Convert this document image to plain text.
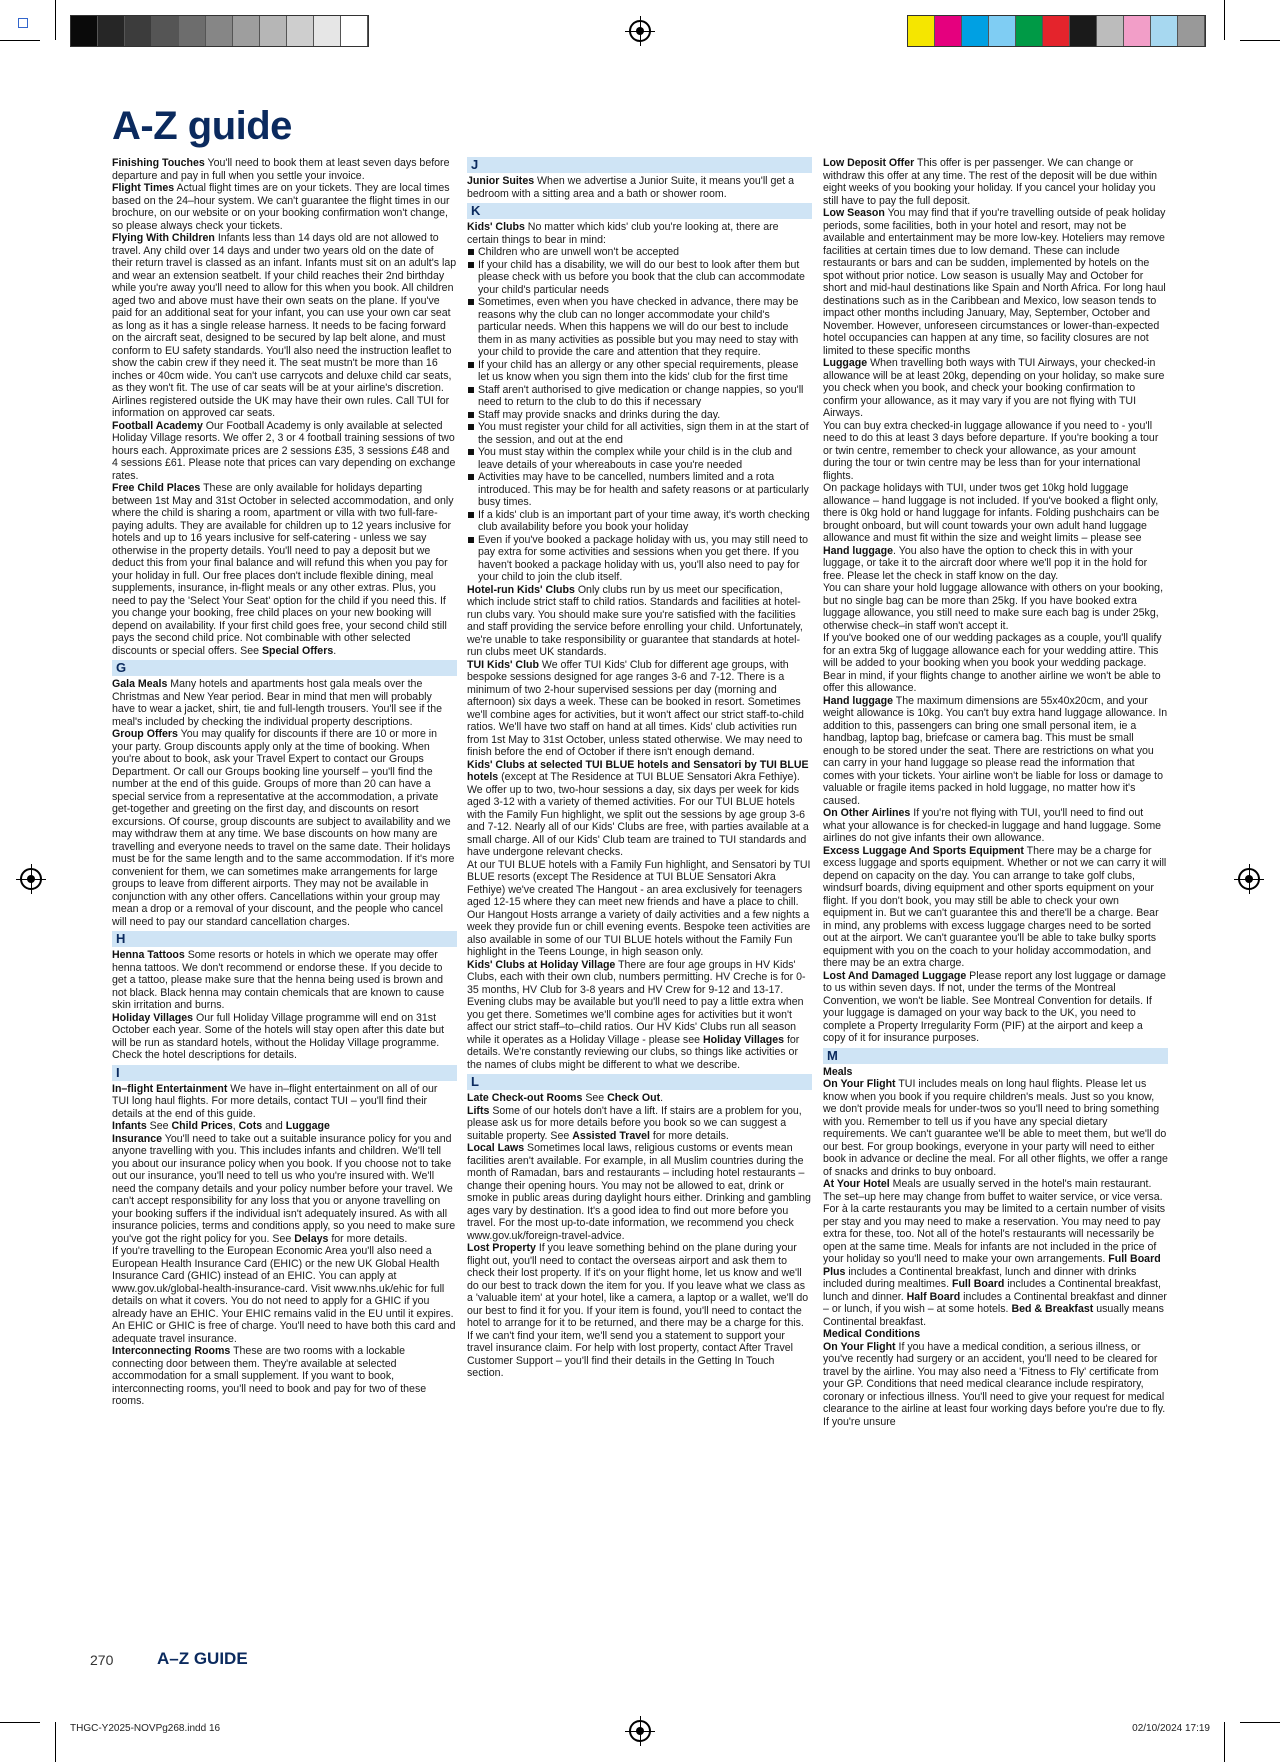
A-Z guide

Finishing Touches You'll need to book them at least seven days before departure and pay in full when you settle your invoice.

Flight Times Actual flight times are on your tickets. They are local times based on the 24–hour system. We can't guarantee the flight times in our brochure, on our website or on your booking confirmation won't change, so please always check your tickets.

Flying With Children Infants less than 14 days old are not allowed to travel. Any child over 14 days and under two years old on the date of their return travel is classed as an infant. Infants must sit on an adult's lap and wear an extension seatbelt. If your child reaches their 2nd birthday while you're away you'll need to allow for this when you book. All children aged two and above must have their own seats on the plane. If you've paid for an additional seat for your infant, you can use your own car seat as long as it has a single release harness. It needs to be facing forward on the aircraft seat, designed to be secured by lap belt alone, and must conform to EU safety standards. You'll also need the instruction leaflet to show the cabin crew if they need it. The seat mustn't be more than 16 inches or 40cm wide. You can't use carrycots and deluxe child car seats, as they won't fit. The use of car seats will be at your airline's discretion. Airlines registered outside the UK may have their own rules. Call TUI for information on approved car seats.

Football Academy Our Football Academy is only available at selected Holiday Village resorts. We offer 2, 3 or 4 football training sessions of two hours each. Approximate prices are 2 sessions £35, 3 sessions £48 and 4 sessions £61. Please note that prices can vary depending on exchange rates.

Free Child Places These are only available for holidays departing between 1st May and 31st October in selected accommodation, and only where the child is sharing a room, apartment or villa with two full-fare-paying adults. They are available for children up to 12 years inclusive for hotels and up to 16 years inclusive for self-catering - unless we say otherwise in the property details. You'll need to pay a deposit but we deduct this from your final balance and will refund this when you pay for your holiday in full. Our free places don't include flexible dining, meal supplements, insurance, in-flight meals or any other extras. Plus, you need to pay the 'Select Your Seat' option for the child if you need this. If you change your booking, free child places on your new booking will depend on availability. If your first child goes free, your second child still pays the second child price. Not combinable with other selected discounts or special offers. See Special Offers.

G

Gala Meals Many hotels and apartments host gala meals over the Christmas and New Year period. Bear in mind that men will probably have to wear a jacket, shirt, tie and full-length trousers. You'll see if the meal's included by checking the individual property descriptions.

Group Offers You may qualify for discounts if there are 10 or more in your party. Group discounts apply only at the time of booking. When you're about to book, ask your Travel Expert to contact our Groups Department. Or call our Groups booking line yourself – you'll find the number at the end of this guide. Groups of more than 20 can have a special service from a representative at the accommodation, a private get-together and greeting on the first day, and discounts on resort excursions. Of course, group discounts are subject to availability and we may withdraw them at any time. We base discounts on how many are travelling and everyone needs to travel on the same date. Their holidays must be for the same length and to the same accommodation. If it's more convenient for them, we can sometimes make arrangements for large groups to leave from different airports. They may not be available in conjunction with any other offers. Cancellations within your group may mean a drop or a removal of your discount, and the people who cancel will need to pay our standard cancellation charges.

H

Henna Tattoos Some resorts or hotels in which we operate may offer henna tattoos. We don't recommend or endorse these. If you decide to get a tattoo, please make sure that the henna being used is brown and not black. Black henna may contain chemicals that are known to cause skin irritation and burns.

Holiday Villages Our full Holiday Village programme will end on 31st October each year. Some of the hotels will stay open after this date but will be run as standard hotels, without the Holiday Village programme. Check the hotel descriptions for details.

I

In–flight Entertainment We have in–flight entertainment on all of our TUI long haul flights. For more details, contact TUI – you'll find their details at the end of this guide.

Infants See Child Prices, Cots and Luggage

Insurance You'll need to take out a suitable insurance policy for you and anyone travelling with you. This includes infants and children. We'll tell you about our insurance policy when you book. If you choose not to take out our insurance, you'll need to tell us who you're insured with. We'll need the company details and your policy number before your travel. We can't accept responsibility for any loss that you or anyone travelling on your booking suffers if the individual isn't adequately insured. As with all insurance policies, terms and conditions apply, so you need to make sure you've got the right policy for you. See Delays for more details.

If you're travelling to the European Economic Area you'll also need a European Health Insurance Card (EHIC) or the new UK Global Health Insurance Card (GHIC) instead of an EHIC. You can apply at www.gov.uk/global-health-insurance-card. Visit www.nhs.uk/ehic for full details on what it covers. You do not need to apply for a GHIC if you already have an EHIC. Your EHIC remains valid in the EU until it expires. An EHIC or GHIC is free of charge. You'll need to have both this card and adequate travel insurance.

Interconnecting Rooms These are two rooms with a lockable connecting door between them. They're available at selected accommodation for a small supplement. If you want to book, interconnecting rooms, you'll need to book and pay for two of these rooms.

J

Junior Suites When we advertise a Junior Suite, it means you'll get a bedroom with a sitting area and a bath or shower room.

K

Kids' Clubs No matter which kids' club you're looking at, there are certain things to bear in mind:

Children who are unwell won't be accepted
If your child has a disability, we will do our best to look after them but please check with us before you book that the club can accommodate your child's particular needs
Sometimes, even when you have checked in advance, there may be reasons why the club can no longer accommodate your child's particular needs. When this happens we will do our best to include them in as many activities as possible but you may need to stay with your child to provide the care and attention that they require.
If your child has an allergy or any other special requirements, please let us know when you sign them into the kids' club for the first time
Staff aren't authorised to give medication or change nappies, so you'll need to return to the club to do this if necessary
Staff may provide snacks and drinks during the day.
You must register your child for all activities, sign them in at the start of the session, and out at the end
You must stay within the complex while your child is in the club and leave details of your whereabouts in case you're needed
Activities may have to be cancelled, numbers limited and a rota introduced. This may be for health and safety reasons or at particularly busy times.
If a kids' club is an important part of your time away, it's worth checking club availability before you book your holiday
Even if you've booked a package holiday with us, you may still need to pay extra for some activities and sessions when you get there. If you haven't booked a package holiday with us, you'll also need to pay for your child to join the club itself.

Hotel-run Kids' Clubs Only clubs run by us meet our specification, which include strict staff to child ratios. Standards and facilities at hotel-run clubs vary. You should make sure you're satisfied with the facilities and staff providing the service before enrolling your child. Unfortunately, we're unable to take responsibility or guarantee that standards at hotel-run clubs meet UK standards.

TUI Kids' Club We offer TUI Kids' Club for different age groups, with bespoke sessions designed for age ranges 3-6 and 7-12. There is a minimum of two 2-hour supervised sessions per day (morning and afternoon) six days a week. These can be booked in resort. Sometimes we'll combine ages for activities, but it won't affect our strict staff-to-child ratios. We'll have two staff on hand at all times. Kids' club activities run from 1st May to 31st October, unless stated otherwise. We may need to finish before the end of October if there isn't enough demand.

Kids' Clubs at selected TUI BLUE hotels and Sensatori by TUI BLUE hotels (except at The Residence at TUI BLUE Sensatori Akra Fethiye). We offer up to two, two-hour sessions a day, six days per week for kids aged 3-12 with a variety of themed activities. For our TUI BLUE hotels with the Family Fun highlight, we split out the sessions by age group 3-6 and 7-12. Nearly all of our Kids' Clubs are free, with parties available at a small charge. All of our Kids' Club team are trained to TUI standards and have undergone relevant checks.

At our TUI BLUE hotels with a Family Fun highlight, and Sensatori by TUI BLUE resorts (except The Residence at TUI BLUE Sensatori Akra Fethiye) we've created The Hangout - an area exclusively for teenagers aged 12-15 where they can meet new friends and have a place to chill. Our Hangout Hosts arrange a variety of daily activities and a few nights a week they provide fun or chill evening events. Bespoke teen activities are also available in some of our TUI BLUE hotels without the Family Fun highlight in the Teens Lounge, in high season only.

Kids' Clubs at Holiday Village There are four age groups in HV Kids' Clubs, each with their own club, numbers permitting. HV Creche is for 0-35 months, HV Club for 3-8 years and HV Crew for 9-12 and 13-17. Evening clubs may be available but you'll need to pay a little extra when you get there. Sometimes we'll combine ages for activities but it won't affect our strict staff–to–child ratios. Our HV Kids' Clubs run all season while it operates as a Holiday Village - please see Holiday Villages for details. We're constantly reviewing our clubs, so things like activities or the names of clubs might be different to what we describe.

L

Late Check-out Rooms See Check Out.

Lifts Some of our hotels don't have a lift. If stairs are a problem for you, please ask us for more details before you book so we can suggest a suitable property. See Assisted Travel for more details.

Local Laws Sometimes local laws, religious customs or events mean facilities aren't available. For example, in all Muslim countries during the month of Ramadan, bars and restaurants – including hotel restaurants – change their opening hours. You may not be allowed to eat, drink or smoke in public areas during daylight hours either. Drinking and gambling ages vary by destination. It's a good idea to find out more before you travel. For the most up-to-date information, we recommend you check www.gov.uk/foreign-travel-advice.

Lost Property If you leave something behind on the plane during your flight out, you'll need to contact the overseas airport and ask them to check their lost property. If it's on your flight home, let us know and we'll do our best to track down the item for you. If you leave what we class as a 'valuable item' at your hotel, like a camera, a laptop or a wallet, we'll do our best to find it for you. If your item is found, you'll need to contact the hotel to arrange for it to be returned, and there may be a charge for this. If we can't find your item, we'll send you a statement to support your travel insurance claim. For help with lost property, contact After Travel Customer Support – you'll find their details in the Getting In Touch section.

Low Deposit Offer This offer is per passenger. We can change or withdraw this offer at any time. The rest of the deposit will be due within eight weeks of you booking your holiday. If you cancel your holiday you still have to pay the full deposit.

Low Season You may find that if you're travelling outside of peak holiday periods, some facilities, both in your hotel and resort, may not be available and entertainment may be more low-key. Hoteliers may remove facilities at certain times due to low demand. These can include restaurants or bars and can be sudden, implemented by hotels on the spot without prior notice. Low season is usually May and October for short and mid-haul destinations like Spain and North Africa. For long haul destinations such as in the Caribbean and Mexico, low season tends to impact other months including January, May, September, October and November. However, unforeseen circumstances or lower-than-expected hotel occupancies can happen at any time, so facility closures are not limited to these specific months

Luggage When travelling both ways with TUI Airways, your checked-in allowance will be at least 20kg, depending on your holiday, so make sure you check when you book, and check your booking confirmation to confirm your allowance, as it may vary if you are not flying with TUI Airways.

You can buy extra checked-in luggage allowance if you need to - you'll need to do this at least 3 days before departure. If you're booking a tour or twin centre, remember to check your allowance, as your amount during the tour or twin centre may be less than for your international flights.

On package holidays with TUI, under twos get 10kg hold luggage allowance – hand luggage is not included. If you've booked a flight only, there is 0kg hold or hand luggage for infants. Folding pushchairs can be brought onboard, but will count towards your own adult hand luggage allowance and must fit within the size and weight limits – please see Hand luggage. You also have the option to check this in with your luggage, or take it to the aircraft door where we'll pop it in the hold for free. Please let the check in staff know on the day.

You can share your hold luggage allowance with others on your booking, but no single bag can be more than 25kg. If you have booked extra luggage allowance, you still need to make sure each bag is under 25kg, otherwise check–in staff won't accept it.

If you've booked one of our wedding packages as a couple, you'll qualify for an extra 5kg of luggage allowance each for your wedding attire. This will be added to your booking when you book your wedding package. Bear in mind, if your flights change to another airline we won't be able to offer this allowance.

Hand luggage The maximum dimensions are 55x40x20cm, and your weight allowance is 10kg. You can't buy extra hand luggage allowance. In addition to this, passengers can bring one small personal item, ie a handbag, laptop bag, briefcase or camera bag. This must be small enough to be stored under the seat. There are restrictions on what you can carry in your hand luggage so please read the information that comes with your tickets. Your airline won't be liable for loss or damage to valuable or fragile items packed in hold luggage, no matter how it's caused.

On Other Airlines If you're not flying with TUI, you'll need to find out what your allowance is for checked-in luggage and hand luggage. Some airlines do not give infants their own allowance.

Excess Luggage And Sports Equipment There may be a charge for excess luggage and sports equipment. Whether or not we can carry it will depend on capacity on the day. You can arrange to take golf clubs, windsurf boards, diving equipment and other sports equipment on your flight. If you don't book, you may still be able to check your own equipment in. But we can't guarantee this and there'll be a charge. Bear in mind, any problems with excess luggage charges need to be sorted out at the airport. We can't guarantee you'll be able to take bulky sports equipment with you on the coach to your holiday accommodation, and there may be an extra charge.

Lost And Damaged Luggage Please report any lost luggage or damage to us within seven days. If not, under the terms of the Montreal Convention, we won't be liable. See Montreal Convention for details. If your luggage is damaged on your way back to the UK, you need to complete a Property Irregularity Form (PIF) at the airport and keep a copy of it for insurance purposes.

M

Meals

On Your Flight TUI includes meals on long haul flights. Please let us know when you book if you require children's meals. Just so you know, we don't provide meals for under-twos so you'll need to bring something with you. Remember to tell us if you have any special dietary requirements. We can't guarantee we'll be able to meet them, but we'll do our best. For group bookings, everyone in your party will need to either book in advance or decline the meal. For all other flights, we offer a range of snacks and drinks to buy onboard.

At Your Hotel Meals are usually served in the hotel's main restaurant. The set–up here may change from buffet to waiter service, or vice versa. For à la carte restaurants you may be limited to a certain number of visits per stay and you may need to make a reservation. You may need to pay extra for these, too. Not all of the hotel's restaurants will necessarily be open at the same time. Meals for infants are not included in the price of your holiday so you'll need to make your own arrangements. Full Board Plus includes a Continental breakfast, lunch and dinner with drinks included during mealtimes. Full Board includes a Continental breakfast, lunch and dinner. Half Board includes a Continental breakfast and dinner – or lunch, if you wish – at some hotels. Bed & Breakfast usually means Continental breakfast.

Medical Conditions

On Your Flight If you have a medical condition, a serious illness, or you've recently had surgery or an accident, you'll need to be cleared for travel by the airline. You may also need a 'Fitness to Fly' certificate from your GP. Conditions that need medical clearance include respiratory, coronary or infectious illness. You'll need to give your request for medical clearance to the airline at least four working days before you're due to fly. If you're unsure

270	A–Z GUIDE
THGC-Y2025-NOVPg268.indd 16	02/10/2024 17:19
